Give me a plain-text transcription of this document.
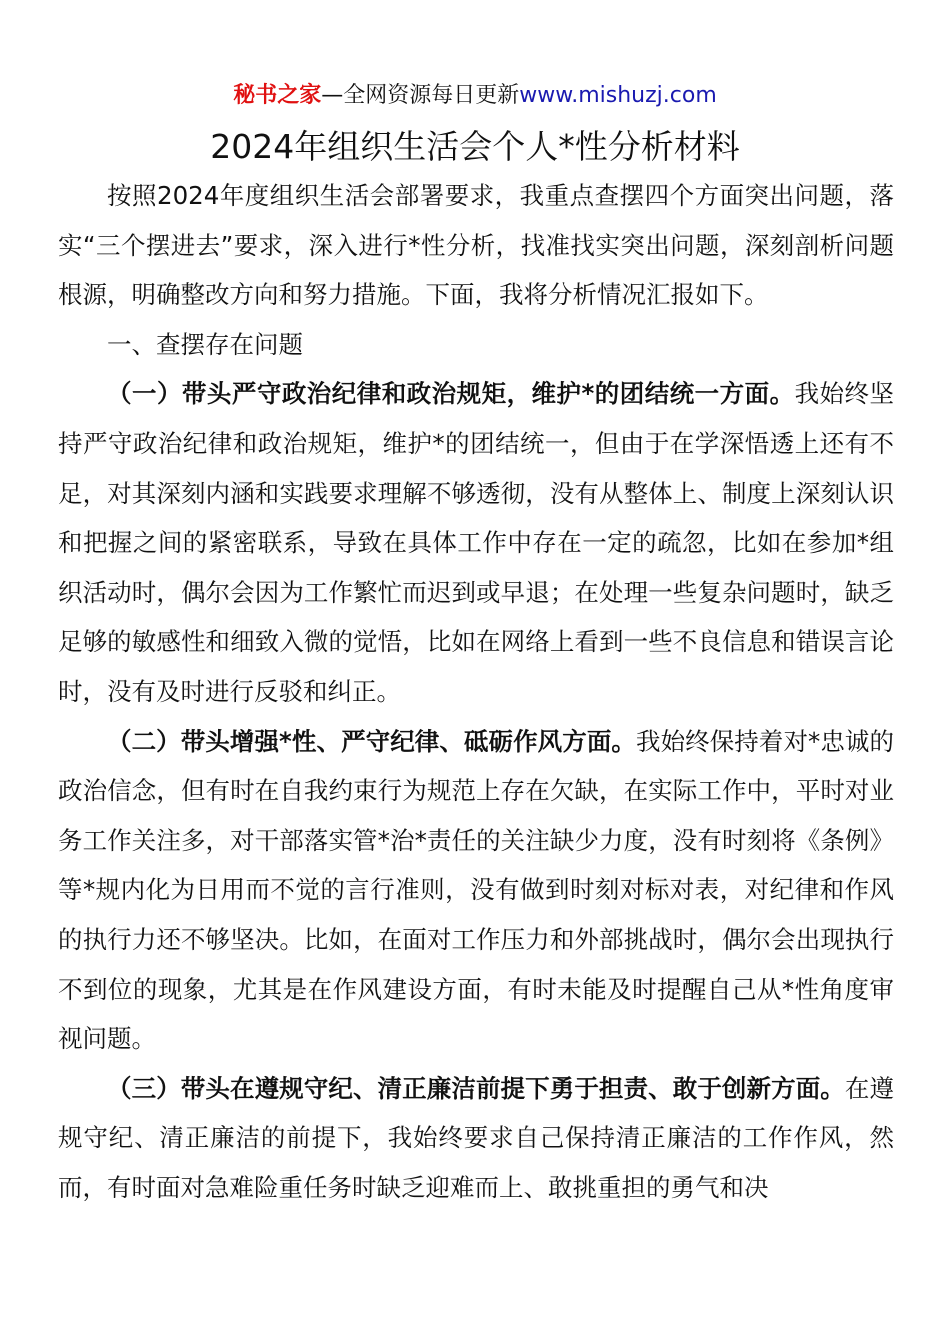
秘书之家—全网资源每日更新www.mishuzj.com
2024年组织生活会个人*性分析材料

按照2024年度组织生活会部署要求，我重点查摆四个方面突出问题，落实“三个摆进去”要求，深入进行*性分析，找准找实突出问题，深刻剖析问题根源，明确整改方向和努力措施。下面，我将分析情况汇报如下。

一、查摆存在问题

（一）带头严守政治纪律和政治规矩，维护*的团结统一方面。我始终坚持严守政治纪律和政治规矩，维护*的团结统一，但由于在学深悟透上还有不足，对其深刻内涵和实践要求理解不够透彻，没有从整体上、制度上深刻认识和把握之间的紧密联系，导致在具体工作中存在一定的疏忽，比如在参加*组织活动时，偶尔会因为工作繁忙而迟到或早退；在处理一些复杂问题时，缺乏足够的敏感性和细致入微的觉悟，比如在网络上看到一些不良信息和错误言论时，没有及时进行反驳和纠正。

（二）带头增强*性、严守纪律、砥砺作风方面。我始终保持着对*忠诚的政治信念，但有时在自我约束行为规范上存在欠缺，在实际工作中，平时对业务工作关注多，对干部落实管*治*责任的关注缺少力度，没有时刻将《条例》等*规内化为日用而不觉的言行准则，没有做到时刻对标对表，对纪律和作风的执行力还不够坚决。比如，在面对工作压力和外部挑战时，偶尔会出现执行不到位的现象，尤其是在作风建设方面，有时未能及时提醒自己从*性角度审视问题。

（三）带头在遵规守纪、清正廉洁前提下勇于担责、敢于创新方面。在遵规守纪、清正廉洁的前提下，我始终要求自己保持清正廉洁的工作作风，然而，有时面对急难险重任务时缺乏迎难而上、敢挑重担的勇气和决
